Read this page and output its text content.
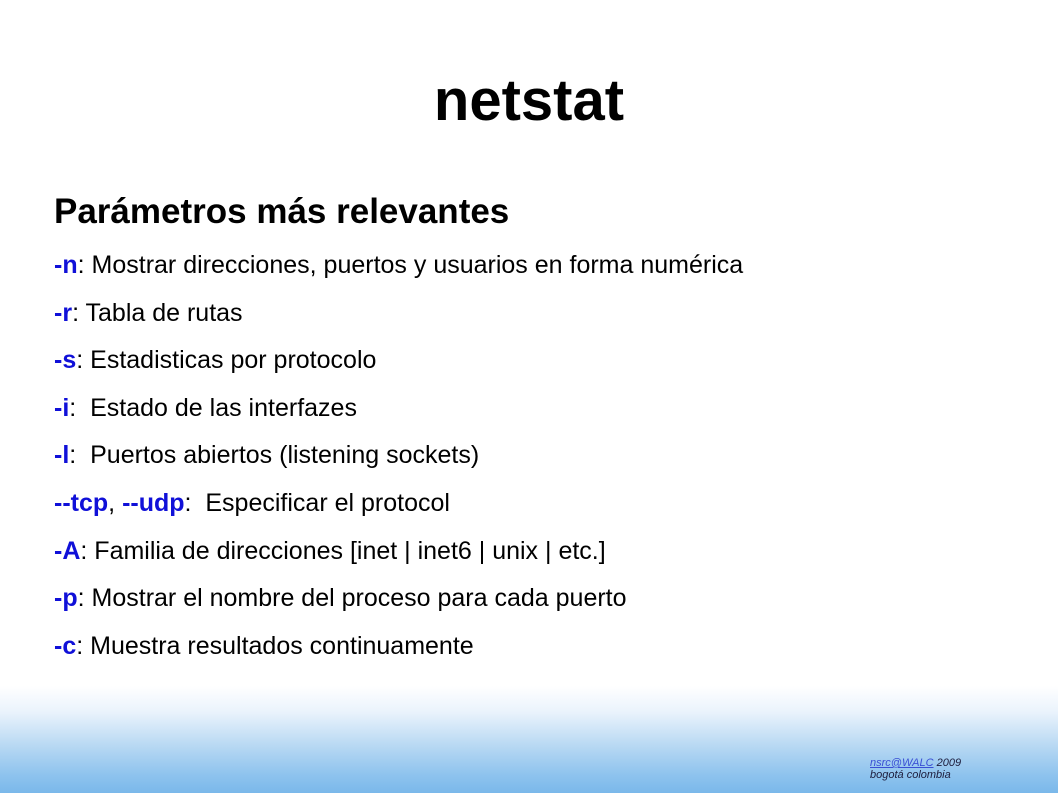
netstat
Parámetros más relevantes
-n: Mostrar direcciones, puertos y usuarios en forma numérica
-r: Tabla de rutas
-s: Estadisticas por protocolo
-i:  Estado de las interfazes
-l:  Puertos abiertos (listening sockets)
--tcp, --udp:  Especificar el protocol
-A: Familia de direcciones [inet | inet6 | unix | etc.]
-p: Mostrar el nombre del proceso para cada puerto
-c: Muestra resultados continuamente
nsrc@WALC 2009
bogotá colombia
